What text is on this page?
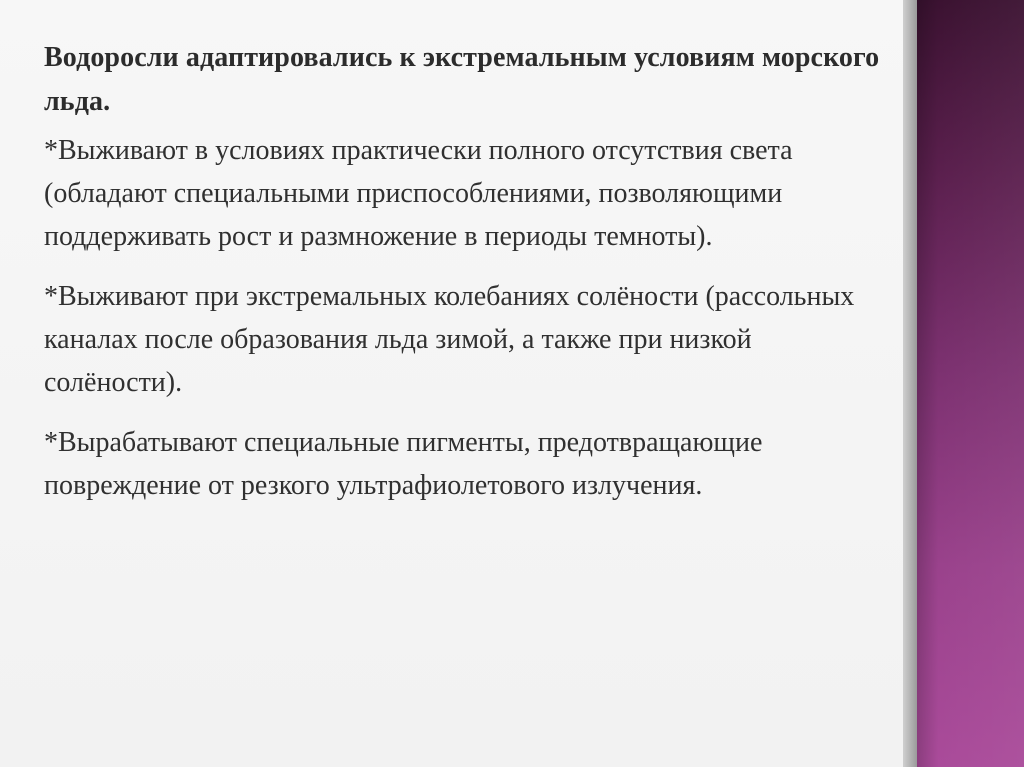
Водоросли адаптировались к экстремальным условиям морского льда.

*Выживают в условиях практически полного отсутствия света (обладают специальными приспособлениями, позволяющими поддерживать рост и размножение в периоды темноты).

*Выживают при экстремальных колебаниях солёности (рассольных каналах после образования льда зимой, а также при низкой солёности).

*Вырабатывают специальные пигменты, предотвращающие повреждение от резкого ультрафиолетового излучения.
